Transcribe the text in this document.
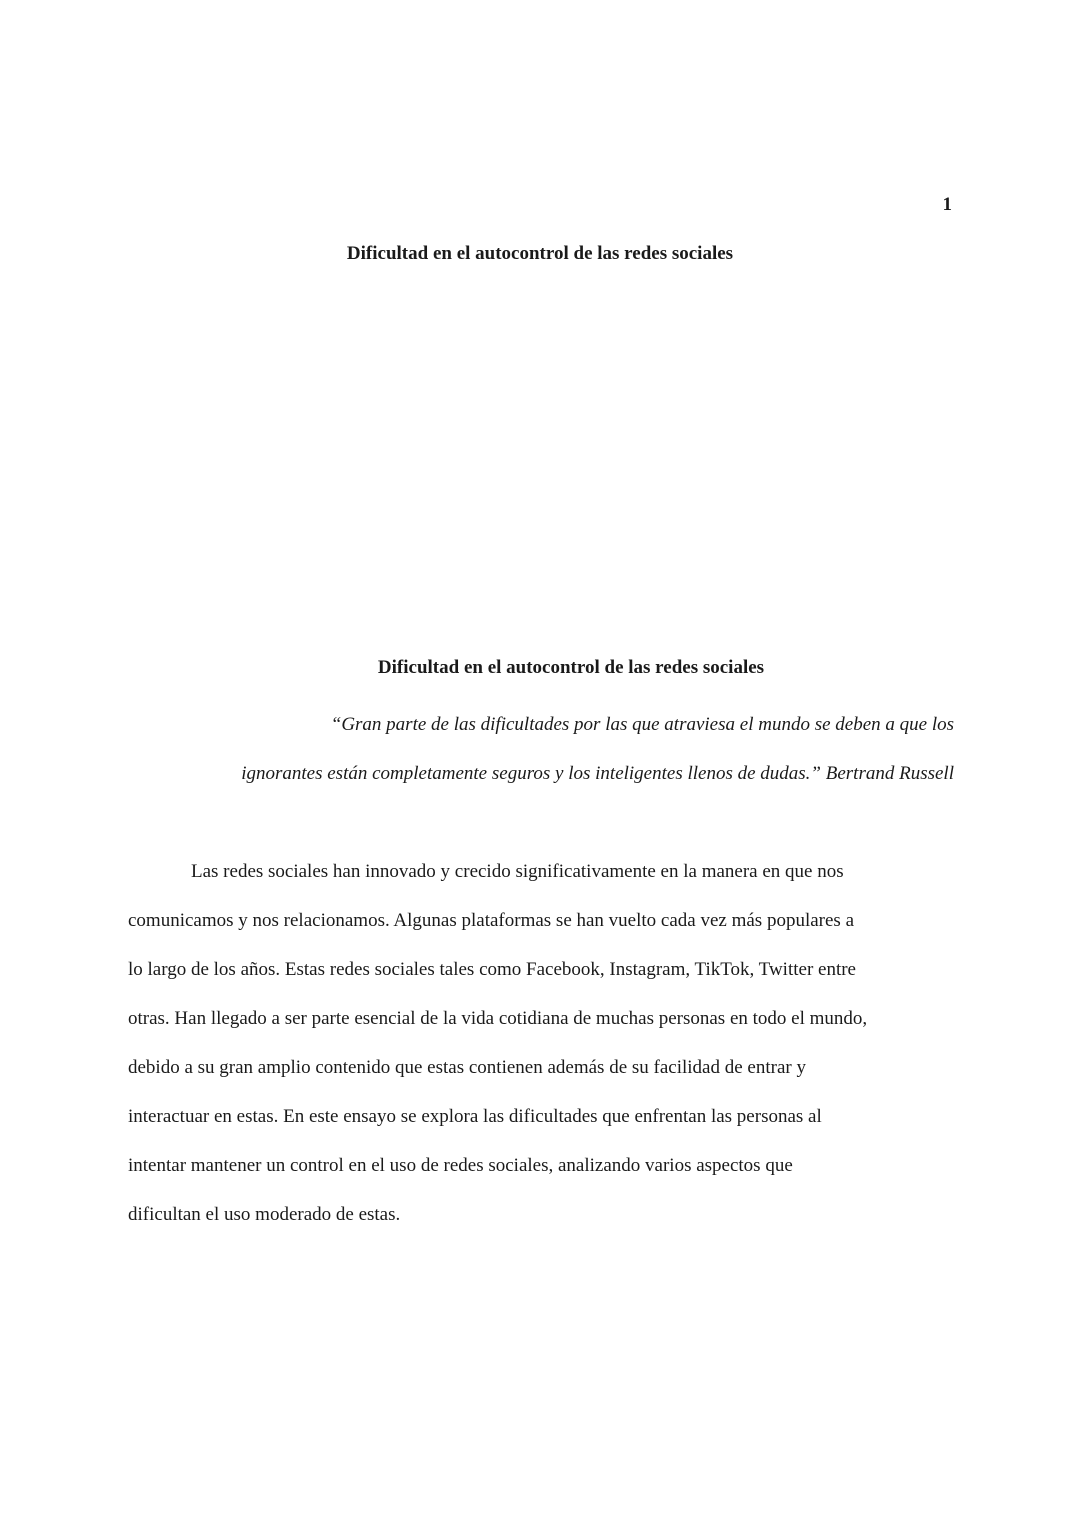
1
Dificultad en el autocontrol de las redes sociales
Dificultad en el autocontrol de las redes sociales
“Gran parte de las dificultades por las que atraviesa el mundo se deben a que los
ignorantes están completamente seguros y los inteligentes llenos de dudas.” Bertrand Russell
Las redes sociales han innovado y crecido significativamente en la manera en que nos
comunicamos y nos relacionamos. Algunas plataformas se han vuelto cada vez más populares a
lo largo de los años. Estas redes sociales tales como Facebook, Instagram, TikTok, Twitter entre
otras. Han llegado a ser parte esencial de la vida cotidiana de muchas personas en todo el mundo,
debido a su gran amplio contenido que estas contienen además de su facilidad de entrar y
interactuar en estas. En este ensayo se explora las dificultades que enfrentan las personas al
intentar mantener un control en el uso de redes sociales, analizando varios aspectos que
dificultan el uso moderado de estas.
